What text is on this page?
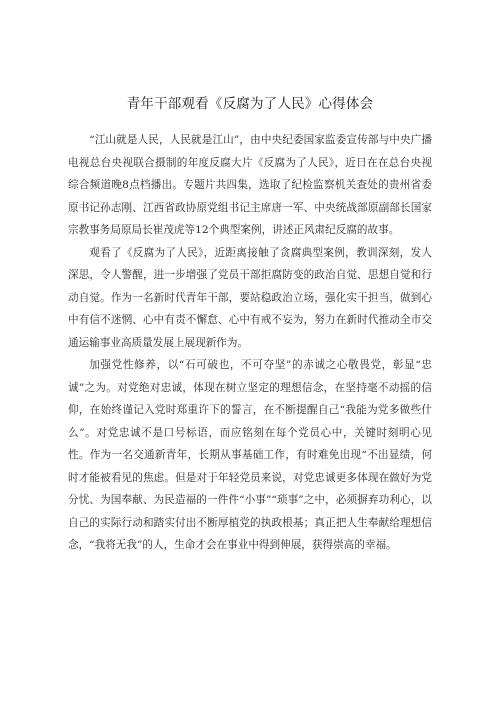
青年干部观看《反腐为了人民》心得体会

“江山就是人民，人民就是江山”，由中央纪委国家监委宣传部与中央广播电视总台央视联合摄制的年度反腐大片《反腐为了人民》，近日在在总台央视综合频道晚8点档播出。专题片共四集，选取了纪检监察机关查处的贵州省委原书记孙志刚、江西省政协原党组书记主席唐一军、中央统战部原副部长国家宗教事务局原局长崔茂虎等12个典型案例，讲述正风肃纪反腐的故事。

观看了《反腐为了人民》，近距离接触了贪腐典型案例，教训深刻，发人深思，令人警醒，进一步增强了党员干部拒腐防变的政治自觉、思想自觉和行动自觉。作为一名新时代青年干部，要站稳政治立场，强化实干担当，做到心中有信不迷惘、心中有责不懈怠、心中有戒不妄为，努力在新时代推动全市交通运输事业高质量发展上展现新作为。

加强党性修养，以“石可破也，不可夺坚”的赤诚之心敬畏党，彰显“忠诚”之为。对党绝对忠诚，体现在树立坚定的理想信念，在坚持毫不动摇的信仰，在始终谨记入党时郑重许下的誓言，在不断提醒自己“我能为党多做些什么”。对党忠诚不是口号标语，而应铭刻在每个党员心中，关键时刻明心见性。作为一名交通新青年，长期从事基础工作，有时难免出现“不出显绩，何时才能被看见的焦虑。但是对于年轻党员来说，对党忠诚更多体现在做好为党分忧、为国奉献、为民造福的一件件“小事”“琐事”之中，必须摒弃功利心，以自己的实际行动和踏实付出不断厚植党的执政根基；真正把人生奉献给理想信念，“我将无我”的人，生命才会在事业中得到伸展，获得崇高的幸福。
